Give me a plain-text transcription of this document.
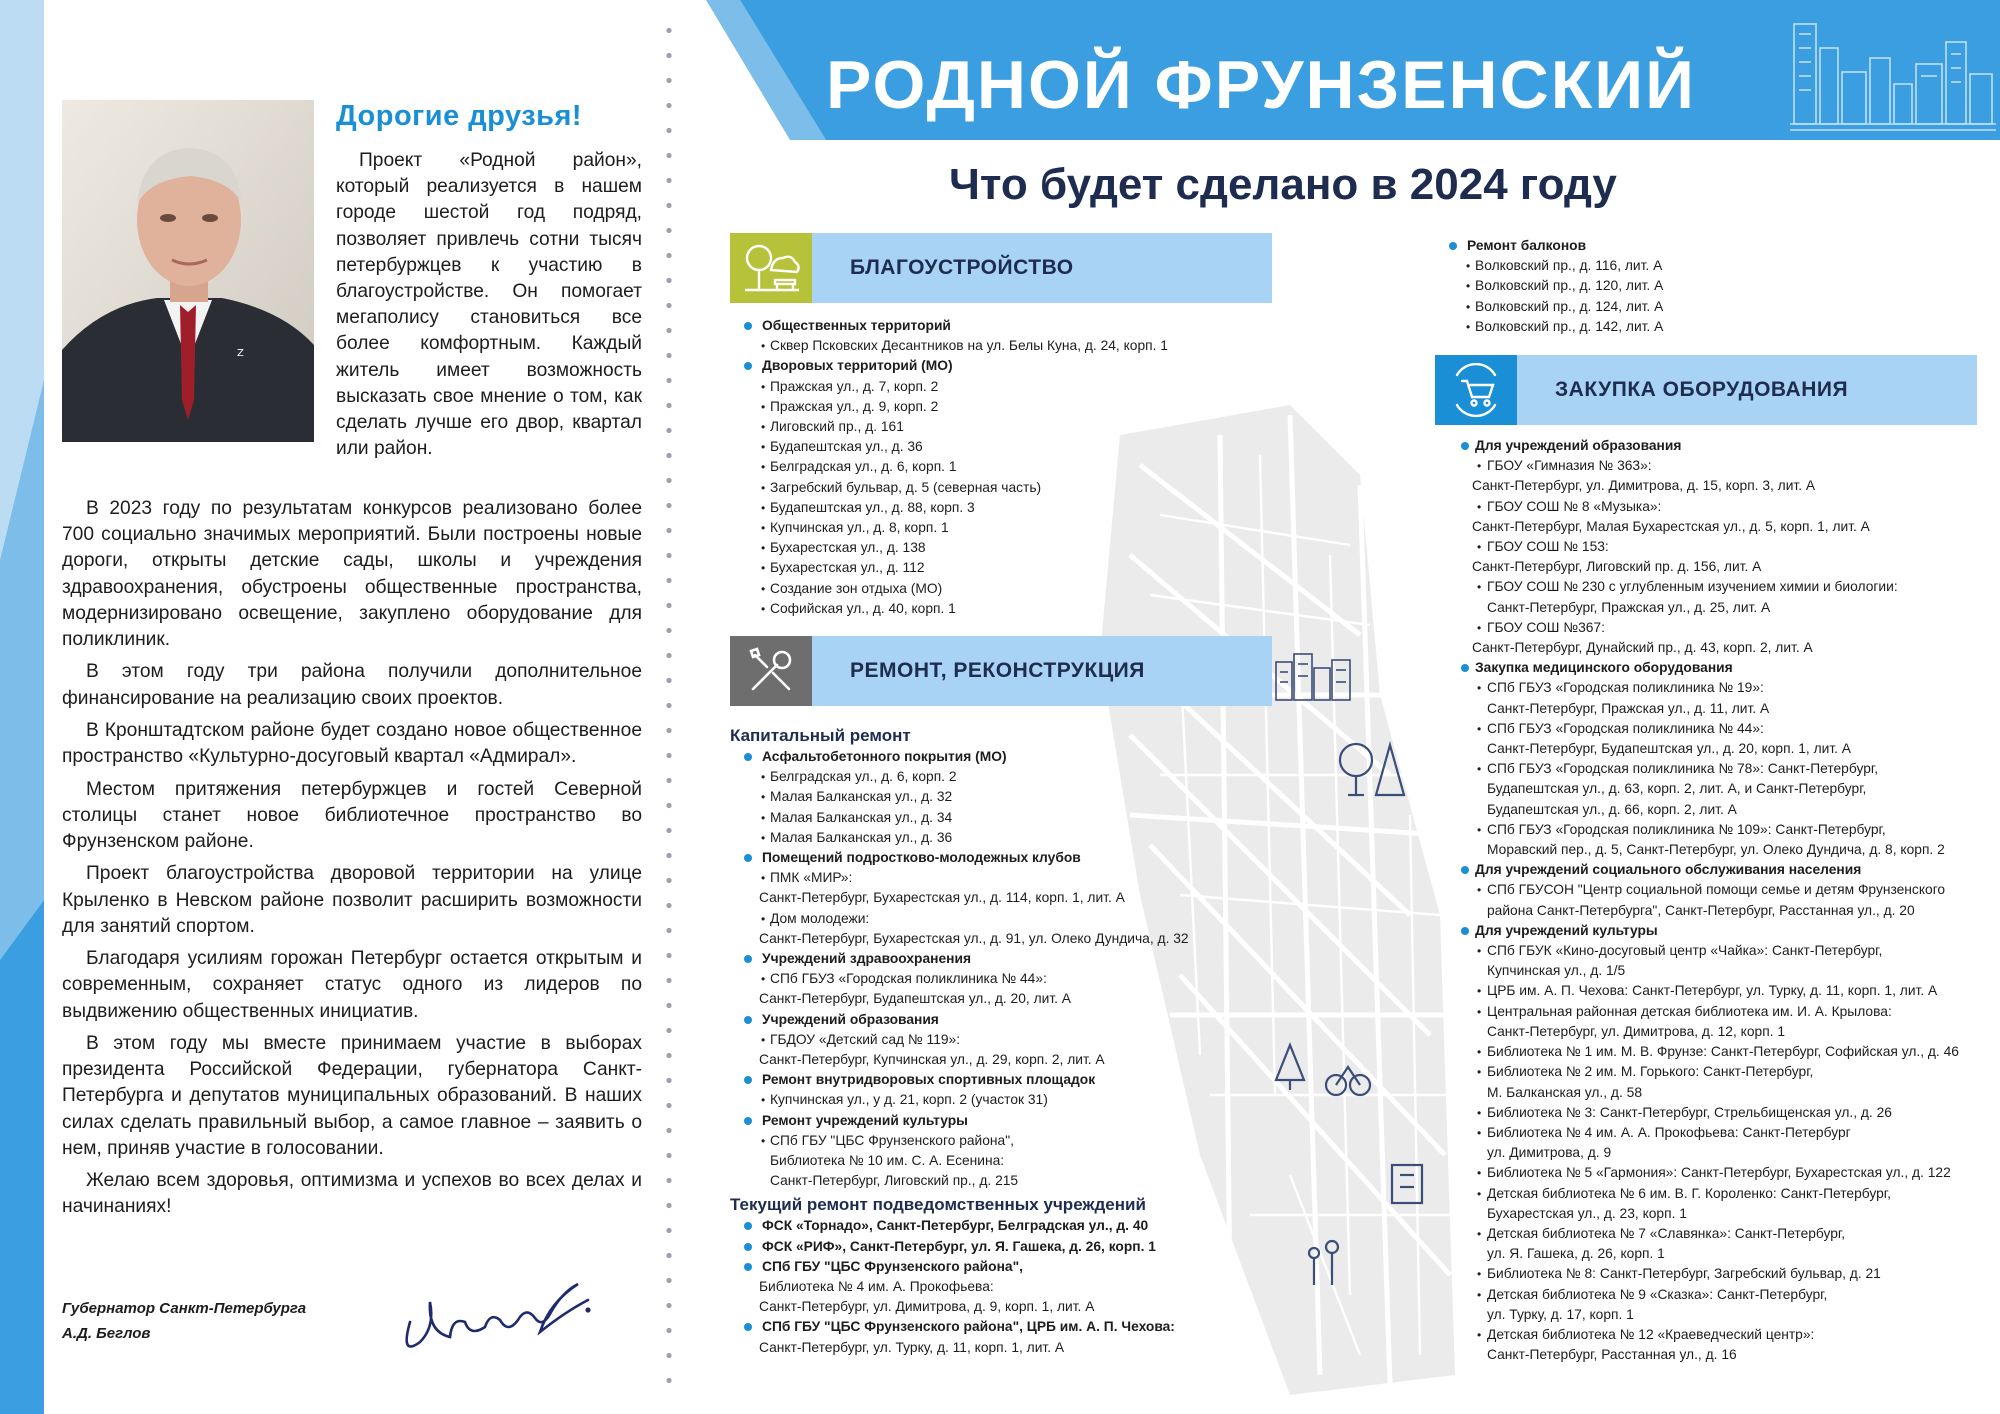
Z
Дорогие друзья!
Проект «Родной район», который реализуется в нашем городе шестой год подряд, позволяет привлечь сотни тысяч петербуржцев к участию в благоустройстве. Он помогает мегаполису становиться все более комфортным. Каждый житель имеет возможность высказать свое мнение о том, как сделать лучше его двор, квартал или район.

В 2023 году по результатам конкурсов реализовано более 700 социально значимых мероприятий. Были построены новые дороги, открыты детские сады, школы и учреждения здравоохранения, обустроены общественные пространства, модернизировано освещение, закуплено оборудование для поликлиник.

В этом году три района получили дополнительное финансирование на реализацию своих проектов.

В Кронштадтском районе будет создано новое общественное пространство «Культурно-досуговый квартал «Адмирал».

Местом притяжения петербуржцев и гостей Северной столицы станет новое библиотечное пространство во Фрунзенском районе.

Проект благоустройства дворовой территории на улице Крыленко в Невском районе позволит расширить возможности для занятий спортом.

Благодаря усилиям горожан Петербург остается открытым и современным, сохраняет статус одного из лидеров по выдвижению общественных инициатив.

В этом году мы вместе принимаем участие в выборах президента Российской Федерации, губернатора Санкт-Петербурга и депутатов муниципальных образований. В наших силах сделать правильный выбор, а самое главное – заявить о нем, приняв участие в голосовании.

Желаю всем здоровья, оптимизма и успехов во всех делах и начинаниях!

Губернатор Санкт-Петербурга
А.Д. Беглов
РОДНОЙ ФРУНЗЕНСКИЙ
Что будет сделано в 2024 году
БЛАГОУСТРОЙСТВО
Общественных территорий
• Сквер Псковских Десантников на ул. Белы Куна, д. 24, корп. 1
Дворовых территорий (МО)
• Пражская ул., д. 7, корп. 2
• Пражская ул., д. 9, корп. 2
• Лиговский пр., д. 161
• Будапештская ул., д. 36
• Белградская ул., д. 6, корп. 1
• Загребский бульвар, д. 5 (северная часть)
• Будапештская ул., д. 88, корп. 3
• Купчинская ул., д. 8, корп. 1
• Бухарестская ул., д. 138
• Бухарестская ул., д. 112
• Создание зон отдыха (МО)
• Софийская ул., д. 40, корп. 1
РЕМОНТ, РЕКОНСТРУКЦИЯ
Капитальный ремонт
Асфальтобетонного покрытия (МО)
• Белградская ул., д. 6, корп. 2
• Малая Балканская ул., д. 32
• Малая Балканская ул., д. 34
• Малая Балканская ул., д. 36
Помещений подростково-молодежных клубов
• ПМК «МИР»:
Санкт-Петербург, Бухарестская ул., д. 114, корп. 1, лит. А
• Дом молодежи:
Санкт-Петербург, Бухарестская ул., д. 91, ул. Олеко Дундича, д. 32
Учреждений здравоохранения
• СПб ГБУЗ «Городская поликлиника № 44»:
Санкт-Петербург, Будапештская ул., д. 20, лит. А
Учреждений образования
• ГБДОУ «Детский сад № 119»:
Санкт-Петербург, Купчинская ул., д. 29, корп. 2, лит. А
Ремонт внутридворовых спортивных площадок
• Купчинская ул., у д. 21, корп. 2 (участок 31)
Ремонт учреждений культуры
• СПб ГБУ "ЦБС Фрунзенского района",
Библиотека № 10 им. С. А. Есенина:
Санкт-Петербург, Лиговский пр., д. 215
Текущий ремонт подведомственных учреждений
ФСК «Торнадо», Санкт-Петербург, Белградская ул., д. 40
ФСК «РИФ», Санкт-Петербург, ул. Я. Гашека, д. 26, корп. 1
СПб ГБУ "ЦБС Фрунзенского района",
Библиотека № 4 им. А. Прокофьева:
Санкт-Петербург, ул. Димитрова, д. 9, корп. 1, лит. А
СПб ГБУ "ЦБС Фрунзенского района", ЦРБ им. А. П. Чехова:
Санкт-Петербург, ул. Турку, д. 11, корп. 1, лит. А
Ремонт балконов
• Волковский пр., д. 116, лит. А
• Волковский пр., д. 120, лит. А
• Волковский пр., д. 124, лит. А
• Волковский пр., д. 142, лит. А
ЗАКУПКА ОБОРУДОВАНИЯ
Для учреждений образования
• ГБОУ «Гимназия № 363»:
Санкт-Петербург, ул. Димитрова, д. 15, корп. 3, лит. А
• ГБОУ СОШ № 8 «Музыка»:
Санкт-Петербург, Малая Бухарестская ул., д. 5, корп. 1, лит. А
• ГБОУ СОШ № 153:
Санкт-Петербург, Лиговский пр. д. 156, лит. А
• ГБОУ СОШ № 230 с углубленным изучением химии и биологии:
Санкт-Петербург, Пражская ул., д. 25, лит. А
• ГБОУ СОШ №367:
Санкт-Петербург, Дунайский пр., д. 43, корп. 2, лит. А
Закупка медицинского оборудования
• СПб ГБУЗ «Городская поликлиника № 19»:
Санкт-Петербург, Пражская ул., д. 11, лит. А
• СПб ГБУЗ «Городская поликлиника № 44»:
Санкт-Петербург, Будапештская ул., д. 20, корп. 1, лит. А
• СПб ГБУЗ «Городская поликлиника № 78»: Санкт-Петербург,
Будапештская ул., д. 63, корп. 2, лит. А, и Санкт-Петербург,
Будапештская ул., д. 66, корп. 2, лит. А
• СПб ГБУЗ «Городская поликлиника № 109»: Санкт-Петербург,
Моравский пер., д. 5, Санкт-Петербург, ул. Олеко Дундича, д. 8, корп. 2
Для учреждений социального обслуживания населения
• СПб ГБУСОН "Центр социальной помощи семье и детям Фрунзенского
района Санкт-Петербурга", Санкт-Петербург, Расстанная ул., д. 20
Для учреждений культуры
• СПб ГБУК «Кино-досуговый центр «Чайка»: Санкт-Петербург,
Купчинская ул., д. 1/5
• ЦРБ им. А. П. Чехова: Санкт-Петербург, ул. Турку, д. 11, корп. 1, лит. А
• Центральная районная детская библиотека им. И. А. Крылова:
Санкт-Петербург, ул. Димитрова, д. 12, корп. 1
• Библиотека № 1 им. М. В. Фрунзе: Санкт-Петербург, Софийская ул., д. 46
• Библиотека № 2 им. М. Горького: Санкт-Петербург,
М. Балканская ул., д. 58
• Библиотека № 3: Санкт-Петербург, Стрельбищенская ул., д. 26
• Библиотека № 4 им. А. А. Прокофьева: Санкт-Петербург
ул. Димитрова, д. 9
• Библиотека № 5 «Гармония»: Санкт-Петербург, Бухарестская ул., д. 122
• Детская библиотека № 6 им. В. Г. Короленко: Санкт-Петербург,
Бухарестская ул., д. 23, корп. 1
• Детская библиотека № 7 «Славянка»: Санкт-Петербург,
ул. Я. Гашека, д. 26, корп. 1
• Библиотека № 8: Санкт-Петербург, Загребский бульвар, д. 21
• Детская библиотека № 9 «Сказка»: Санкт-Петербург,
ул. Турку, д. 17, корп. 1
• Детская библиотека № 12 «Краеведческий центр»:
Санкт-Петербург, Расстанная ул., д. 16
